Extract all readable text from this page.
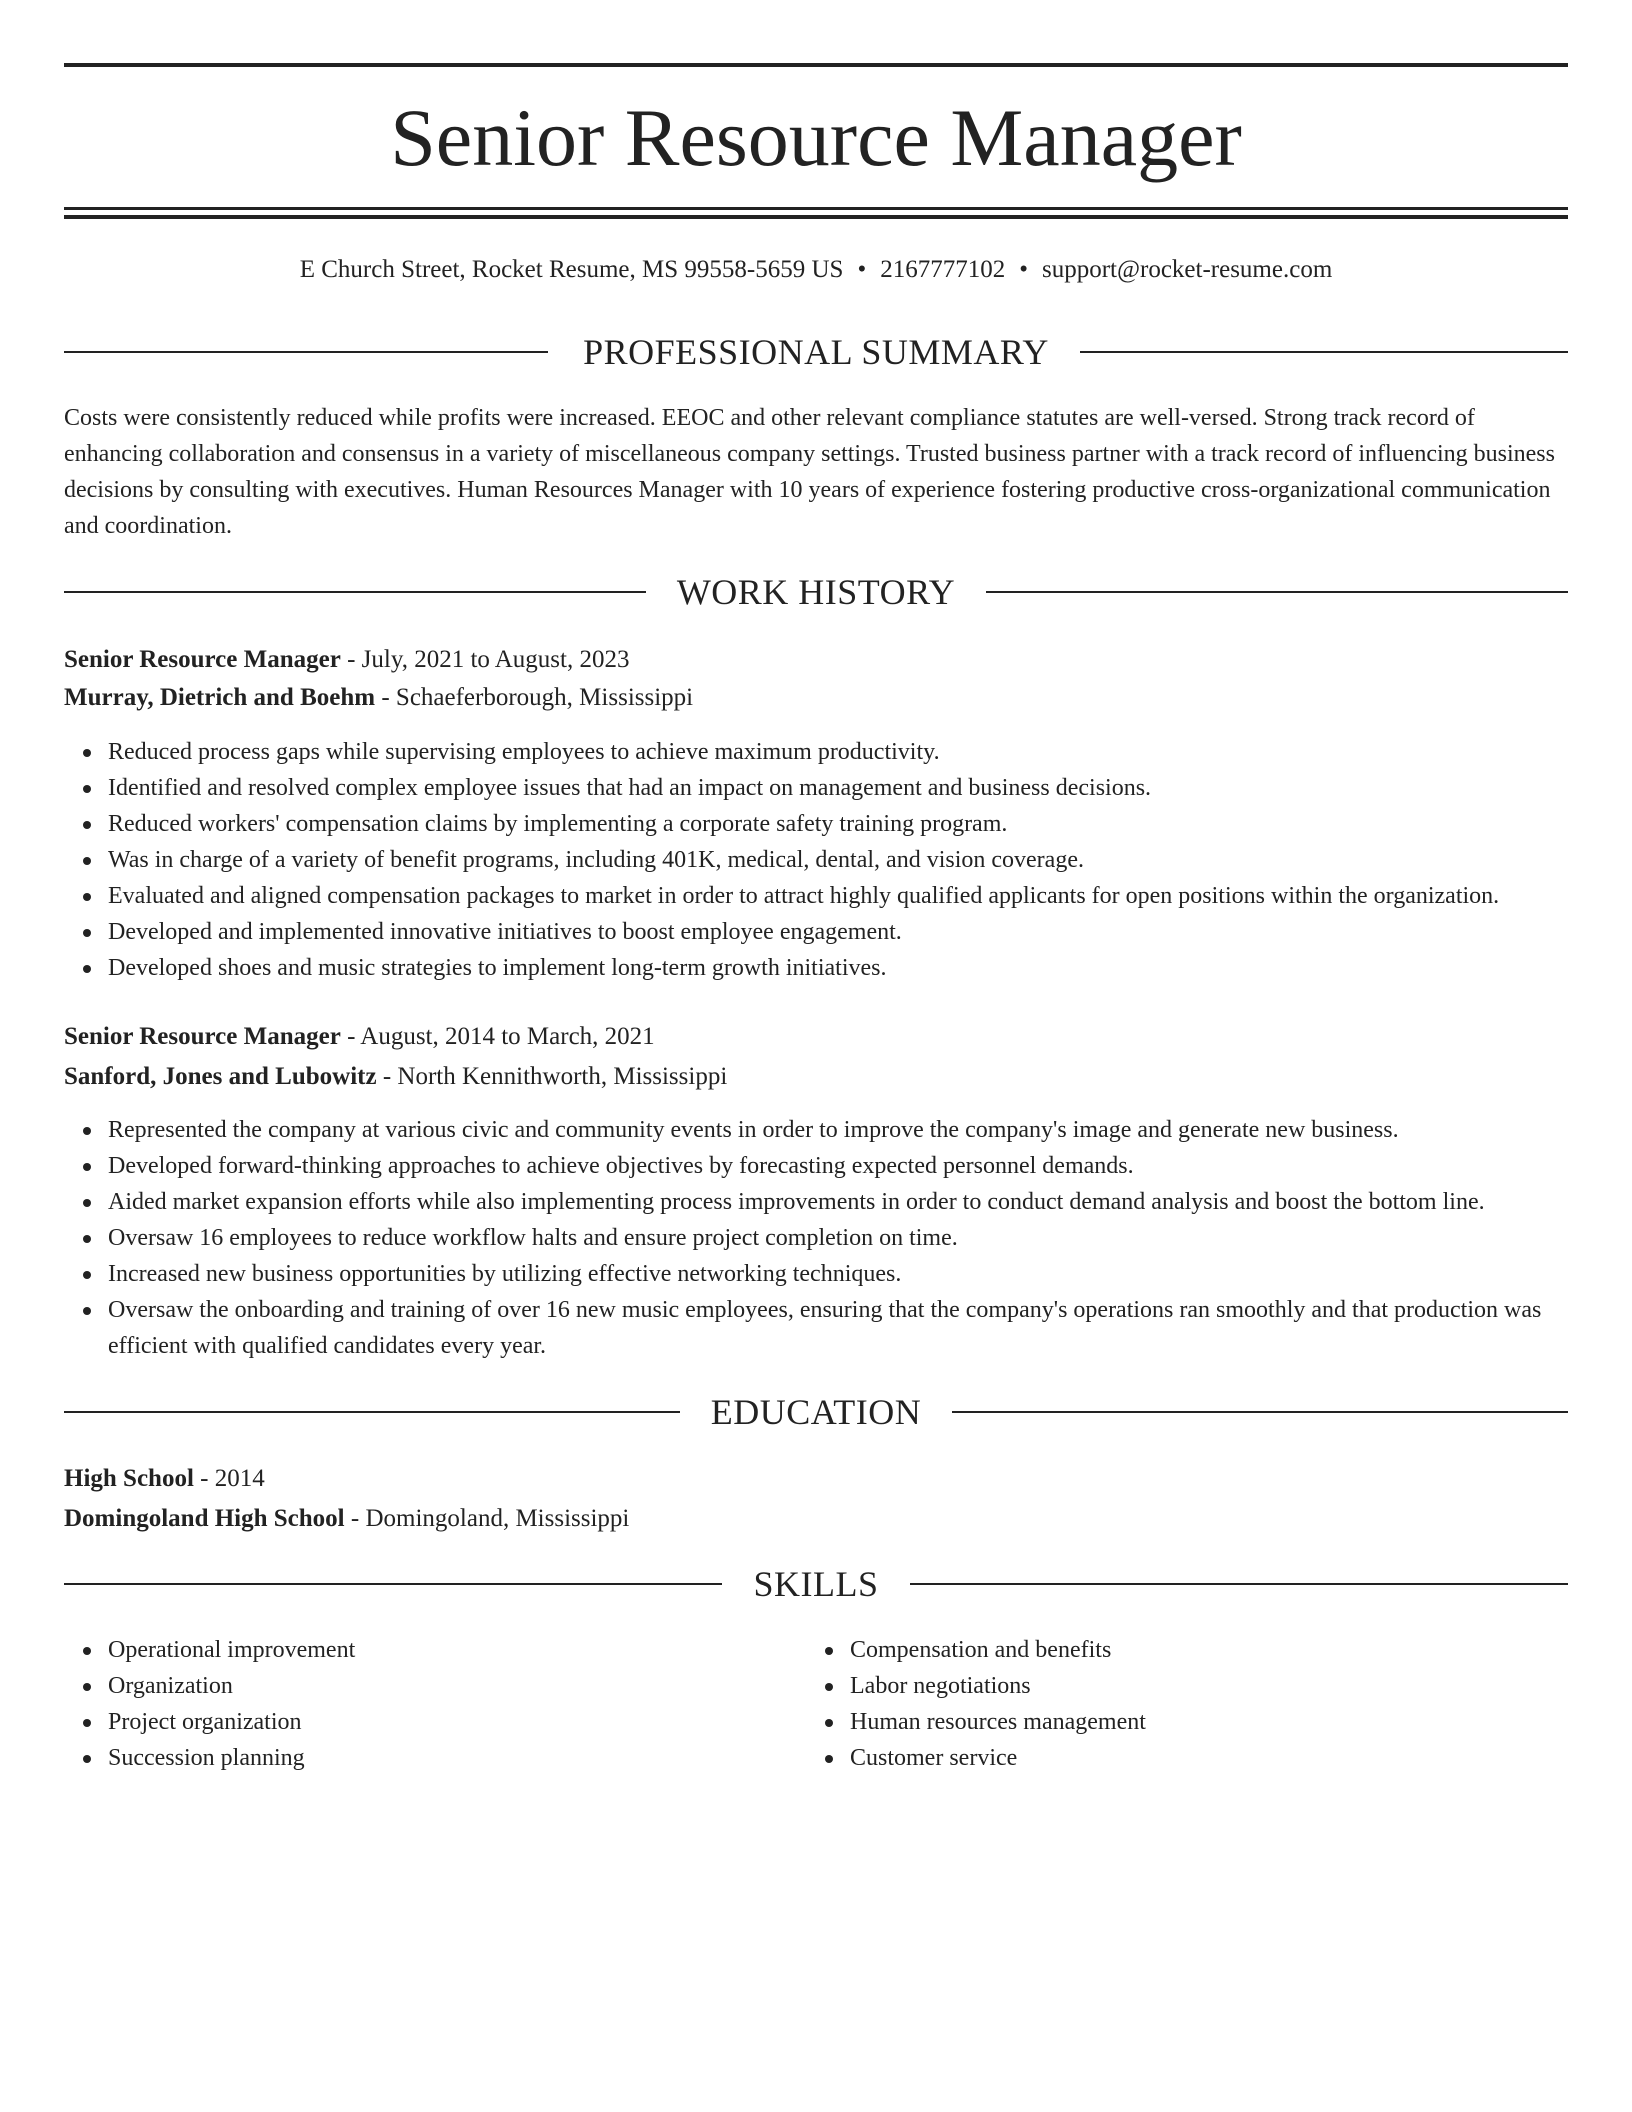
Senior Resource Manager
E Church Street, Rocket Resume, MS 99558-5659 US • 2167777102 • support@rocket-resume.com
PROFESSIONAL SUMMARY

Costs were consistently reduced while profits were increased. EEOC and other relevant compliance statutes are well-versed. Strong track record of enhancing collaboration and consensus in a variety of miscellaneous company settings. Trusted business partner with a track record of influencing business decisions by consulting with executives. Human Resources Manager with 10 years of experience fostering productive cross-organizational communication and coordination.

WORK HISTORY
Senior Resource Manager - July, 2021 to August, 2023
Murray, Dietrich and Boehm - Schaeferborough, Mississippi
Reduced process gaps while supervising employees to achieve maximum productivity.
Identified and resolved complex employee issues that had an impact on management and business decisions.
Reduced workers' compensation claims by implementing a corporate safety training program.
Was in charge of a variety of benefit programs, including 401K, medical, dental, and vision coverage.
Evaluated and aligned compensation packages to market in order to attract highly qualified applicants for open positions within the organization.
Developed and implemented innovative initiatives to boost employee engagement.
Developed shoes and music strategies to implement long-term growth initiatives.
Senior Resource Manager - August, 2014 to March, 2021
Sanford, Jones and Lubowitz - North Kennithworth, Mississippi
Represented the company at various civic and community events in order to improve the company's image and generate new business.
Developed forward-thinking approaches to achieve objectives by forecasting expected personnel demands.
Aided market expansion efforts while also implementing process improvements in order to conduct demand analysis and boost the bottom line.
Oversaw 16 employees to reduce workflow halts and ensure project completion on time.
Increased new business opportunities by utilizing effective networking techniques.
Oversaw the onboarding and training of over 16 new music employees, ensuring that the company's operations ran smoothly and that production was efficient with qualified candidates every year.
EDUCATION
High School - 2014
Domingoland High School - Domingoland, Mississippi
SKILLS
Operational improvement
Organization
Project organization
Succession planning
Compensation and benefits
Labor negotiations
Human resources management
Customer service
